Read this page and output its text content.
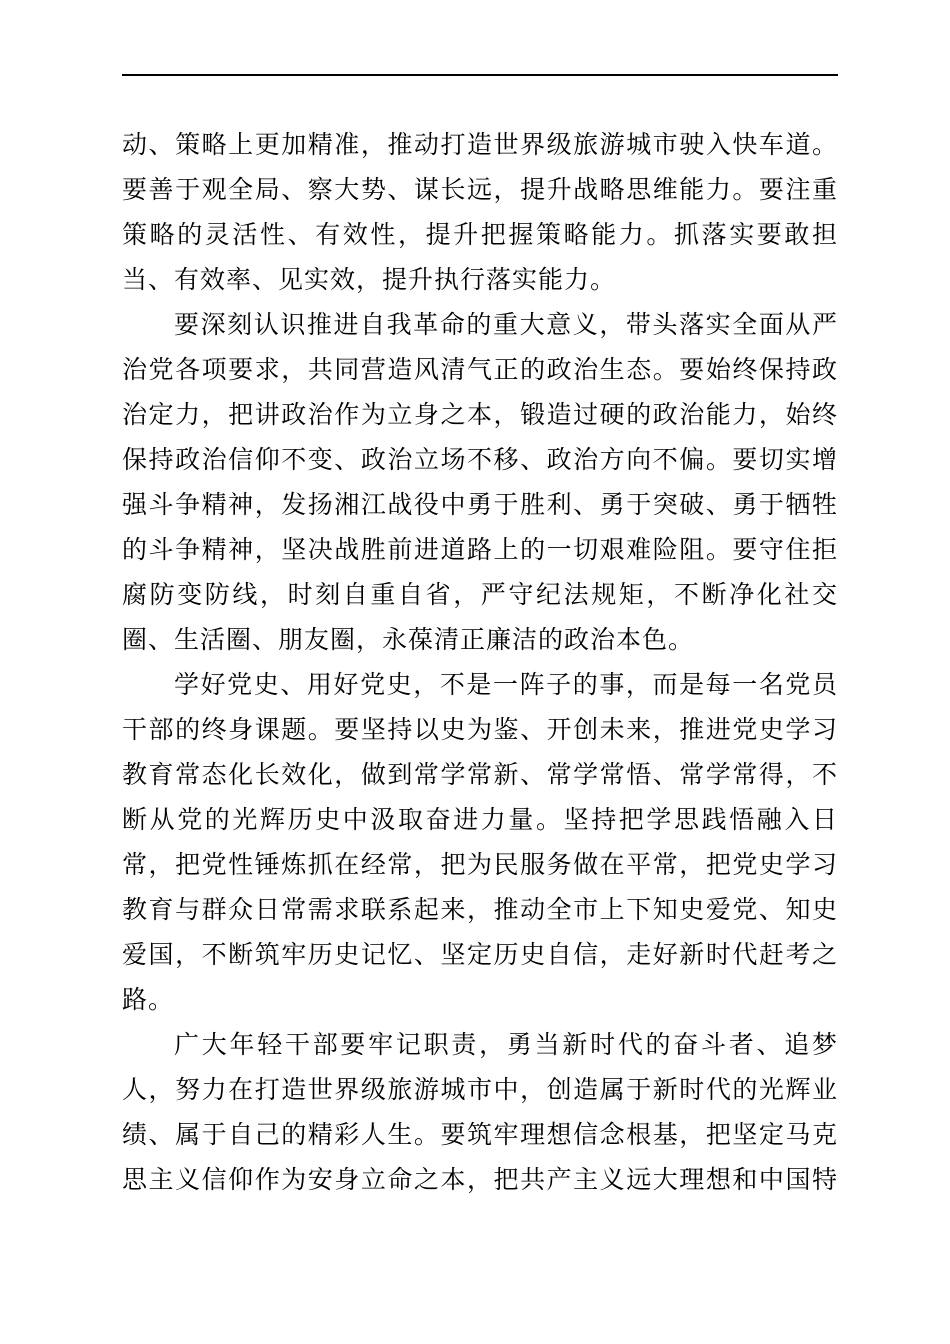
动、策略上更加精准，推动打造世界级旅游城市驶入快车道。
要善于观全局、察大势、谋长远，提升战略思维能力。要注重
策略的灵活性、有效性，提升把握策略能力。抓落实要敢担
当、有效率、见实效，提升执行落实能力。
要深刻认识推进自我革命的重大意义，带头落实全面从严
治党各项要求，共同营造风清气正的政治生态。要始终保持政
治定力，把讲政治作为立身之本，锻造过硬的政治能力，始终
保持政治信仰不变、政治立场不移、政治方向不偏。要切实增
强斗争精神，发扬湘江战役中勇于胜利、勇于突破、勇于牺牲
的斗争精神，坚决战胜前进道路上的一切艰难险阻。要守住拒
腐防变防线，时刻自重自省，严守纪法规矩，不断净化社交
圈、生活圈、朋友圈，永葆清正廉洁的政治本色。
学好党史、用好党史，不是一阵子的事，而是每一名党员
干部的终身课题。要坚持以史为鉴、开创未来，推进党史学习
教育常态化长效化，做到常学常新、常学常悟、常学常得，不
断从党的光辉历史中汲取奋进力量。坚持把学思践悟融入日
常，把党性锤炼抓在经常，把为民服务做在平常，把党史学习
教育与群众日常需求联系起来，推动全市上下知史爱党、知史
爱国，不断筑牢历史记忆、坚定历史自信，走好新时代赶考之
路。
广大年轻干部要牢记职责，勇当新时代的奋斗者、追梦
人，努力在打造世界级旅游城市中，创造属于新时代的光辉业
绩、属于自己的精彩人生。要筑牢理想信念根基，把坚定马克
思主义信仰作为安身立命之本，把共产主义远大理想和中国特
